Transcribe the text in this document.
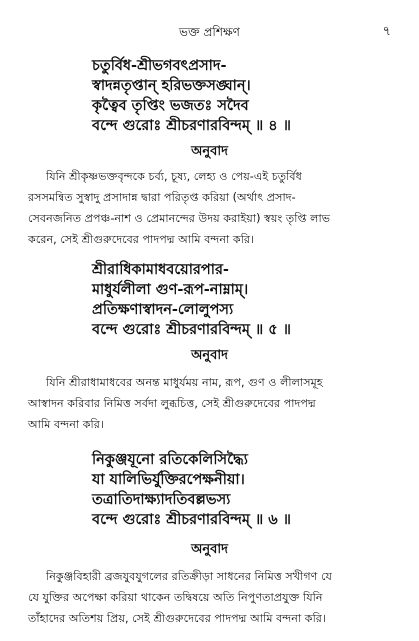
ভক্ত প্রশিক্ষণ	৭
চতুর্বিধ-শ্রীভগবৎপ্রসাদ-
স্বাদন্নতৃপ্তান্ হরিভক্তসঙ্ঘান্।
কৃত্বৈব তৃপ্তিং ভজতঃ সদৈব
বন্দে গুরোঃ শ্রীচরণারবিন্দম্ ॥ ৪ ॥
অনুবাদ
যিনি শ্রীকৃষ্ণভক্তবৃন্দকে চর্ব্য, চূষ্য, লেহ্য ও পেয়-এই চতুর্বিধ
রসসমন্বিত সুস্বাদু প্রসাদান্ন দ্বারা পরিতৃপ্ত করিয়া (অর্থাৎ প্রসাদ-
সেবনজনিত প্রপঞ্চ-নাশ ও প্রেমানন্দের উদয় করাইয়া) স্বয়ং তৃপ্তি লাভ
করেন, সেই শ্রীগুরুদেবের পাদপদ্ম আমি বন্দনা করি।
শ্রীরাধিকামাধবয়োরপার-
মাধুর্যলীলা গুণ-রূপ-নাম্নাম্।
প্রতিক্ষণাস্বাদন-লোলুপস্য
বন্দে গুরোঃ শ্রীচরণারবিন্দম্ ॥ ৫ ॥
অনুবাদ
যিনি শ্রীরাধামাধবের অনন্ত মাধুর্যময় নাম, রূপ, গুণ ও লীলাসমূহ
আস্বাদন করিবার নিমিত্ত সর্বদা লুব্ধচিত্ত, সেই শ্রীগুরুদেবের পাদপদ্ম
আমি বন্দনা করি।
নিকুঞ্জযূনো রতিকেলিসিদ্ধ্যৈ
যা যালিভির্যুক্তিরপেক্ষনীয়া।
তত্রাতিদাক্ষ্যাদতিবল্লভস্য
বন্দে গুরোঃ শ্রীচরণারবিন্দম্ ॥ ৬ ॥
অনুবাদ
নিকুঞ্জবিহারী ব্রজযুবযুগলের রতিক্রীড়া সাধনের নিমিত্ত সখীগণ যে
যে যুক্তির অপেক্ষা করিয়া থাকেন তদ্বিষয়ে অতি নিপুণতাপ্রযুক্ত যিনি
তাঁহাদের অতিশয় প্রিয়, সেই শ্রীগুরুদেবের পাদপদ্ম আমি বন্দনা করি।
